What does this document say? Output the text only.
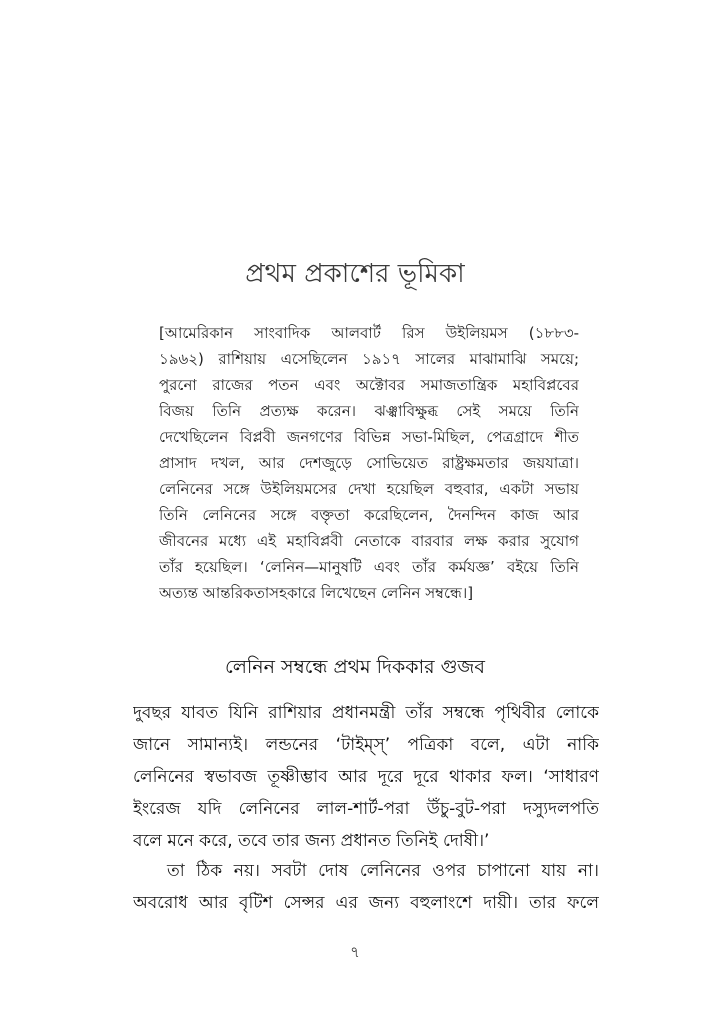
প্রথম প্রকাশের ভূমিকা
[আমেরিকান সাংবাদিক আলবার্ট রিস উইলিয়মস (১৮৮৩-
১৯৬২) রাশিয়ায় এসেছিলেন ১৯১৭ সালের মাঝামাঝি সময়ে;
পুরনো রাজের পতন এবং অক্টোবর সমাজতান্ত্রিক মহাবিপ্লবের
বিজয় তিনি প্রত্যক্ষ করেন। ঝঞ্ঝাবিক্ষুব্ধ সেই সময়ে তিনি
দেখেছিলেন বিপ্লবী জনগণের বিভিন্ন সভা-মিছিল, পেত্রগ্রাদে শীত
প্রাসাদ দখল, আর দেশজুড়ে সোভিয়েত রাষ্ট্রক্ষমতার জয়যাত্রা।
লেনিনের সঙ্গে উইলিয়মসের দেখা হয়েছিল বহুবার, একটা সভায়
তিনি লেনিনের সঙ্গে বক্তৃতা করেছিলেন, দৈনন্দিন কাজ আর
জীবনের মধ্যে এই মহাবিপ্লবী নেতাকে বারবার লক্ষ করার সুযোগ
তাঁর হয়েছিল। ‘লেনিন—মানুষটি এবং তাঁর কর্মযজ্ঞ’ বইয়ে তিনি
অত্যন্ত আন্তরিকতাসহকারে লিখেছেন লেনিন সম্বন্ধে।]
লেনিন সম্বন্ধে প্রথম দিককার গুজব
দুবছর যাবত যিনি রাশিয়ার প্রধানমন্ত্রী তাঁর সম্বন্ধে পৃথিবীর লোকে
জানে সামান্যই। লন্ডনের ‘টাইম্‌স্’ পত্রিকা বলে, এটা নাকি
লেনিনের স্বভাবজ তূষ্ণীম্ভাব আর দূরে দূরে থাকার ফল। ‘সাধারণ
ইংরেজ যদি লেনিনের লাল-শার্ট-পরা উঁচু-বুট-পরা দস্যুদলপতি
বলে মনে করে, তবে তার জন্য প্রধানত তিনিই দোষী।’
তা ঠিক নয়। সবটা দোষ লেনিনের ওপর চাপানো যায় না।
অবরোধ আর বৃটিশ সেন্সর এর জন্য বহুলাংশে দায়ী। তার ফলে
৭
